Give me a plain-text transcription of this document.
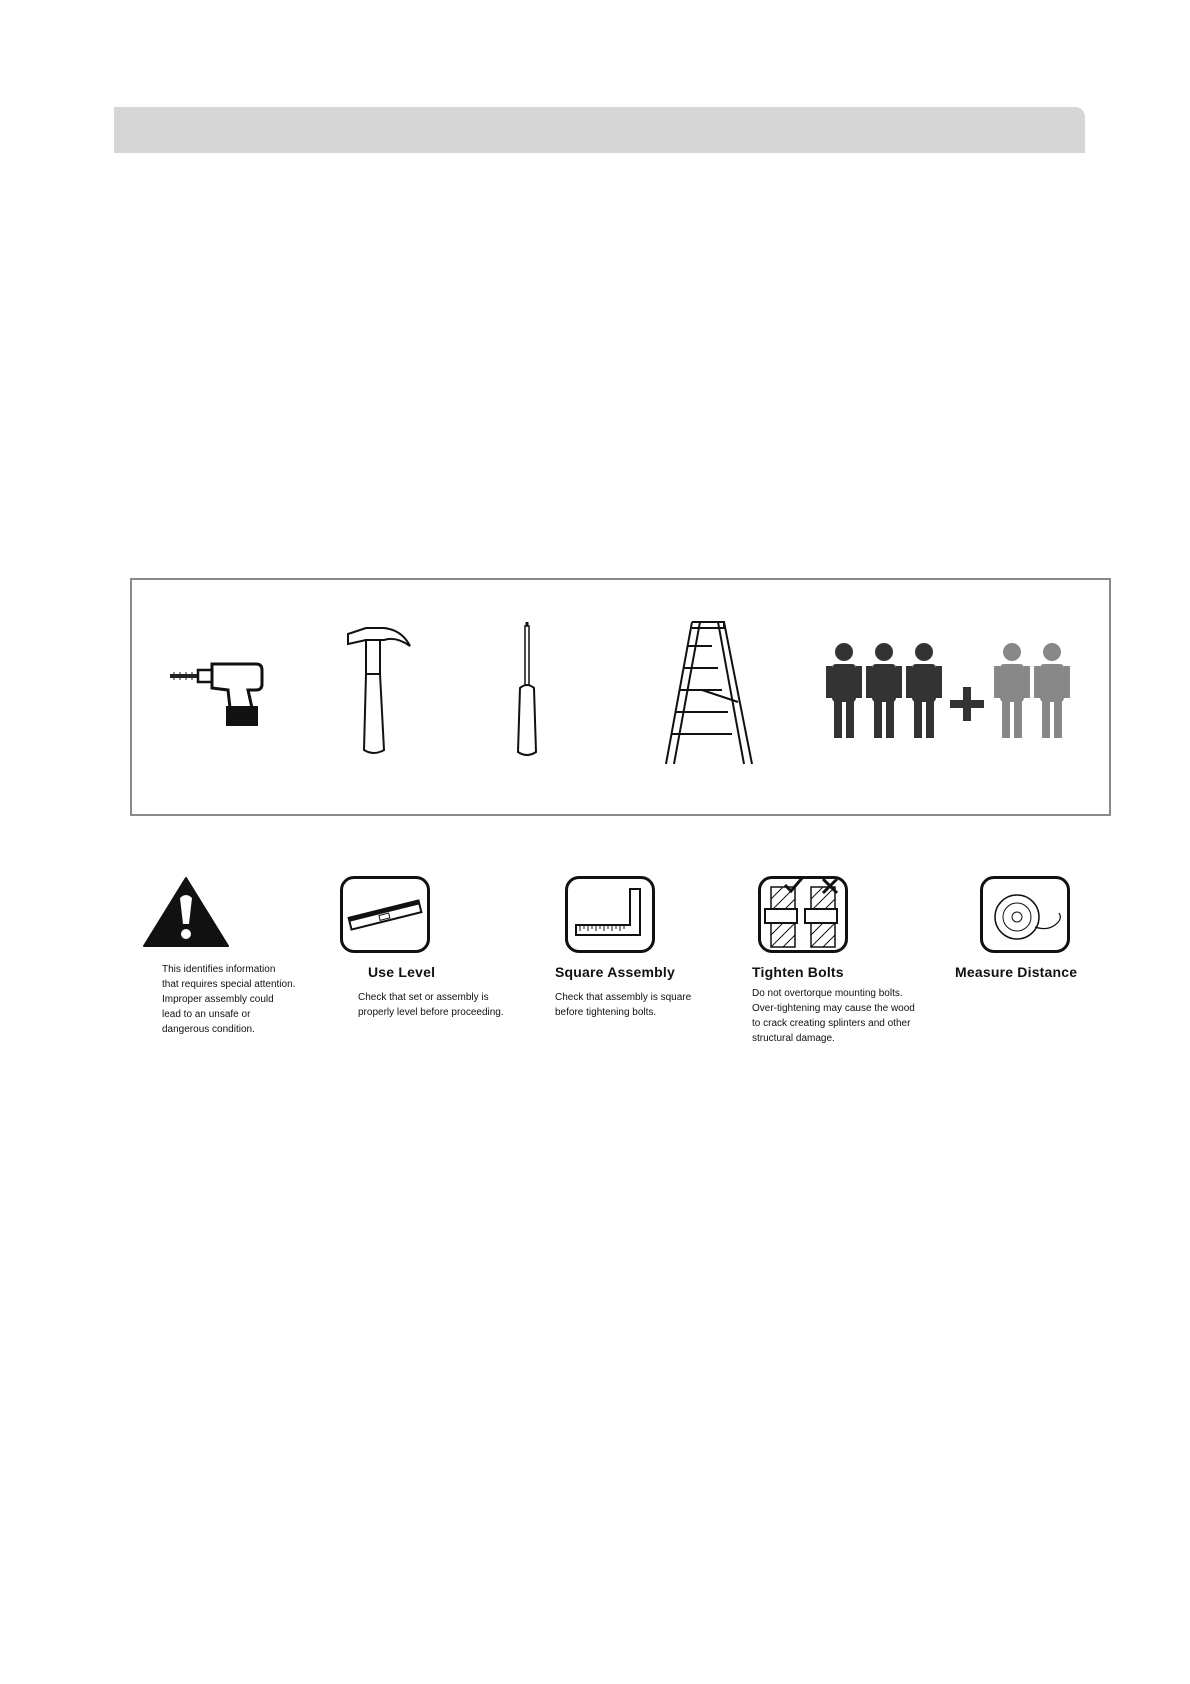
This identifies information
that requires special attention.
Improper assembly could
lead to an unsafe or
dangerous condition.
Use Level
Check that set or assembly is
properly level before proceeding.
Square Assembly
Check that assembly is square
before tightening bolts.
Tighten Bolts
Do not overtorque mounting bolts.
Over-tightening may cause the wood
to crack creating splinters and other
structural damage.
Measure Distance
